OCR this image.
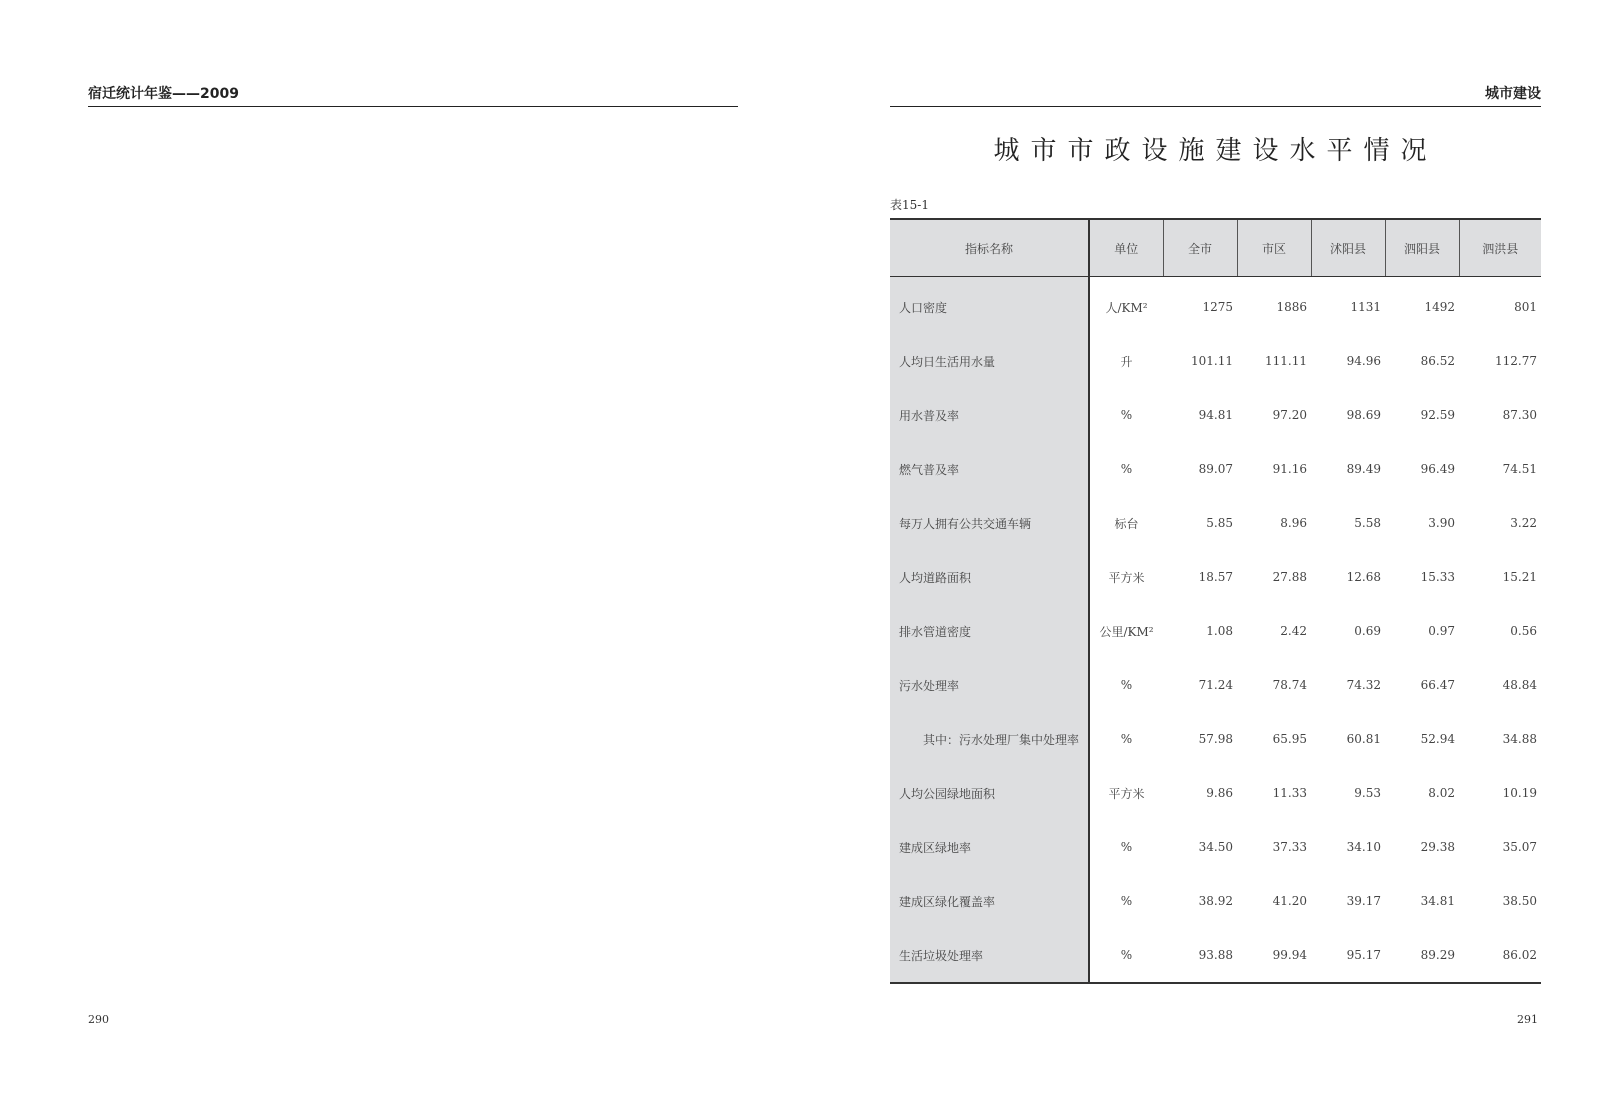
宿迁统计年鉴——2009
290
城市建设
城市市政设施建设水平情况
表15-1
指标名称	单位	全市	市区	沭阳县	泗阳县	泗洪县
人口密度	人/KM²	1275	1886	1131	1492	801
人均日生活用水量	升	101.11	111.11	94.96	86.52	112.77
用水普及率	%	94.81	97.20	98.69	92.59	87.30
燃气普及率	%	89.07	91.16	89.49	96.49	74.51
每万人拥有公共交通车辆	标台	5.85	8.96	5.58	3.90	3.22
人均道路面积	平方米	18.57	27.88	12.68	15.33	15.21
排水管道密度	公里/KM²	1.08	2.42	0.69	0.97	0.56
污水处理率	%	71.24	78.74	74.32	66.47	48.84
其中：污水处理厂集中处理率	%	57.98	65.95	60.81	52.94	34.88
人均公园绿地面积	平方米	9.86	11.33	9.53	8.02	10.19
建成区绿地率	%	34.50	37.33	34.10	29.38	35.07
建成区绿化覆盖率	%	38.92	41.20	39.17	34.81	38.50
生活垃圾处理率	%	93.88	99.94	95.17	89.29	86.02
291
